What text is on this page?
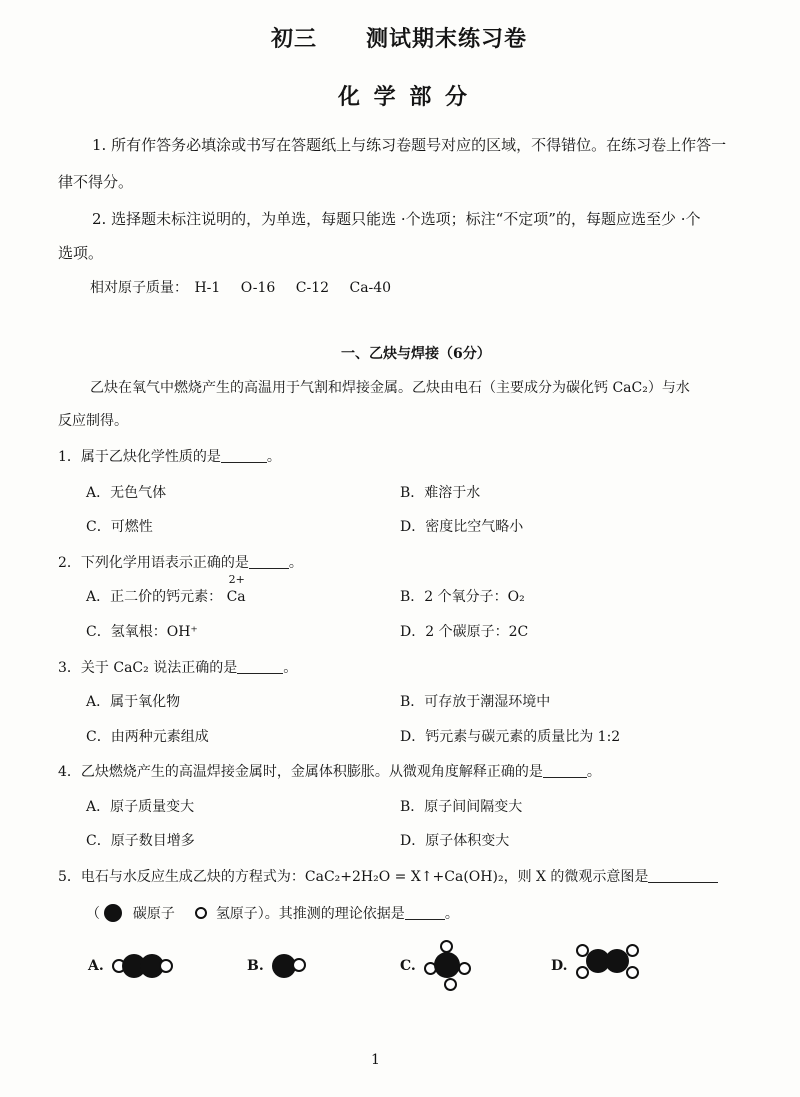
初三 测试期末练习卷
化 学 部 分
1. 所有作答务必填涂或书写在答题纸上与练习卷题号对应的区域，不得错位。在练习卷上作答一
律不得分。
2. 选择题未标注说明的，为单选，每题只能选 ·个选项；标注“不定项”的，每题应选至少 ·个
选项。
相对原子质量： H-1 O-16 C-12 Ca-40
一、乙炔与焊接（6分）
乙炔在氧气中燃烧产生的高温用于气割和焊接金属。乙炔由电石（主要成分为碳化钙 CaC₂）与水
反应制得。
1．属于乙炔化学性质的是	。
A．无色气体	B．难溶于水
C．可燃性	D．密度比空气略小
2．下列化学用语表示正确的是	。
A．正二价的钙元素：
2+
Ca	B．2 个氧分子：O₂
C．氢氧根：OH⁺	D．2 个碳原子：2C
3．关于 CaC₂ 说法正确的是	。
A．属于氧化物	B．可存放于潮湿环境中
C．由两种元素组成	D．钙元素与碳元素的质量比为 1:2
4．乙炔燃烧产生的高温焊接金属时，金属体积膨胀。从微观角度解释正确的是	。
A．原子质量变大	B．原子间间隔变大
C．原子数目增多	D．原子体积变大
5．电石与水反应生成乙炔的方程式为：CaC₂+2H₂O = X↑+Ca(OH)₂，则 X 的微观示意图是
（ 碳原子	氢原子）。其推测的理论依据是	。
A.	B.	C.	D.
1
